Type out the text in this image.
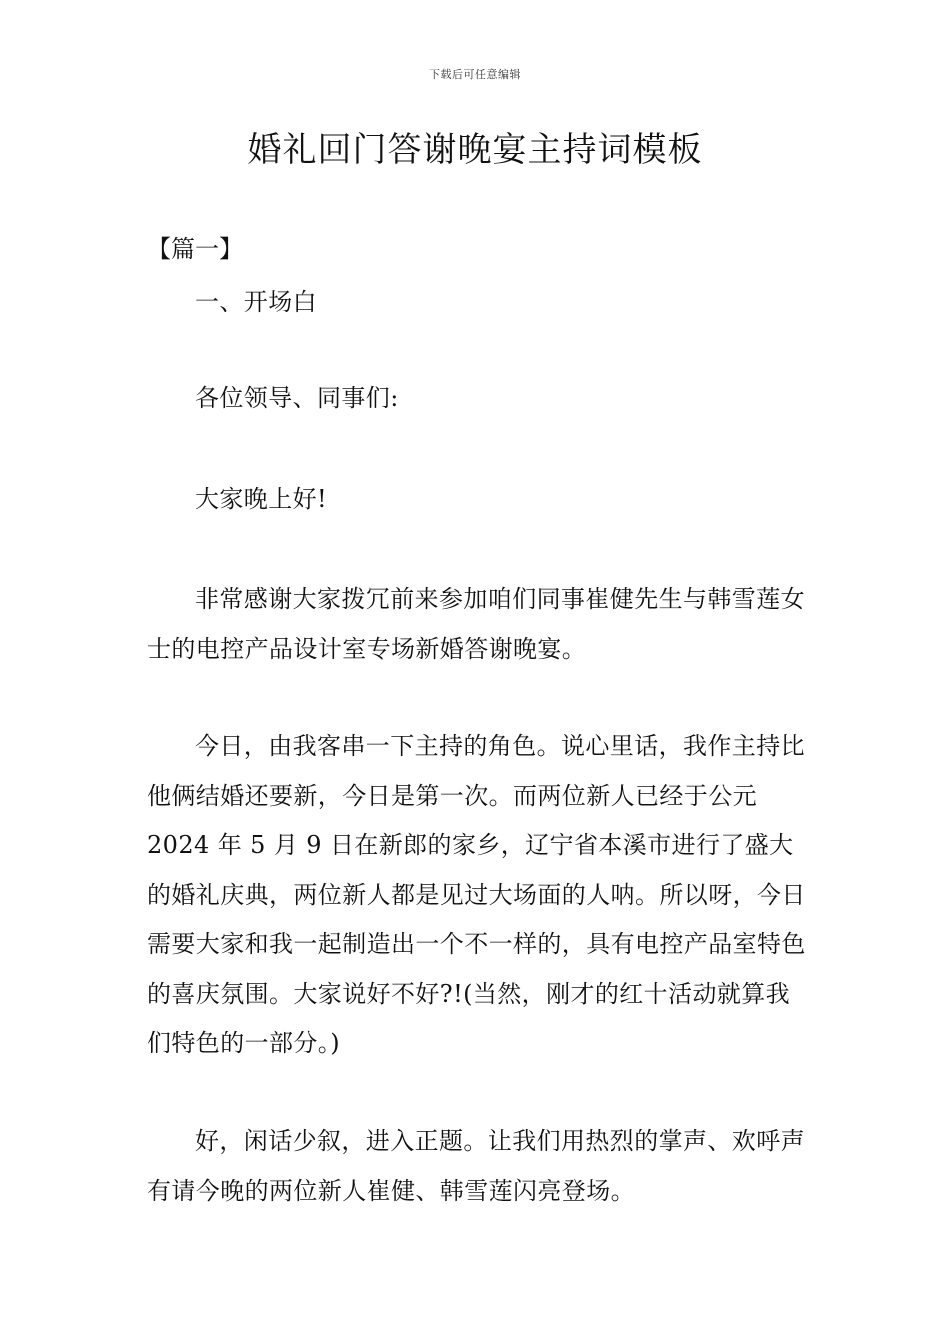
下载后可任意编辑
婚礼回门答谢晚宴主持词模板
【篇一】

一、开场白

各位领导、同事们:

大家晚上好!

非常感谢大家拨冗前来参加咱们同事崔健先生与韩雪莲女士的电控产品设计室专场新婚答谢晚宴。

今日，由我客串一下主持的角色。说心里话，我作主持比他俩结婚还要新，今日是第一次。而两位新人已经于公元 2024 年 5 月 9 日在新郎的家乡，辽宁省本溪市进行了盛大的婚礼庆典，两位新人都是见过大场面的人呐。所以呀，今日需要大家和我一起制造出一个不一样的，具有电控产品室特色的喜庆氛围。大家说好不好?!(当然，刚才的红十活动就算我们特色的一部分。)

好，闲话少叙，进入正题。让我们用热烈的掌声、欢呼声有请今晚的两位新人崔健、韩雪莲闪亮登场。
